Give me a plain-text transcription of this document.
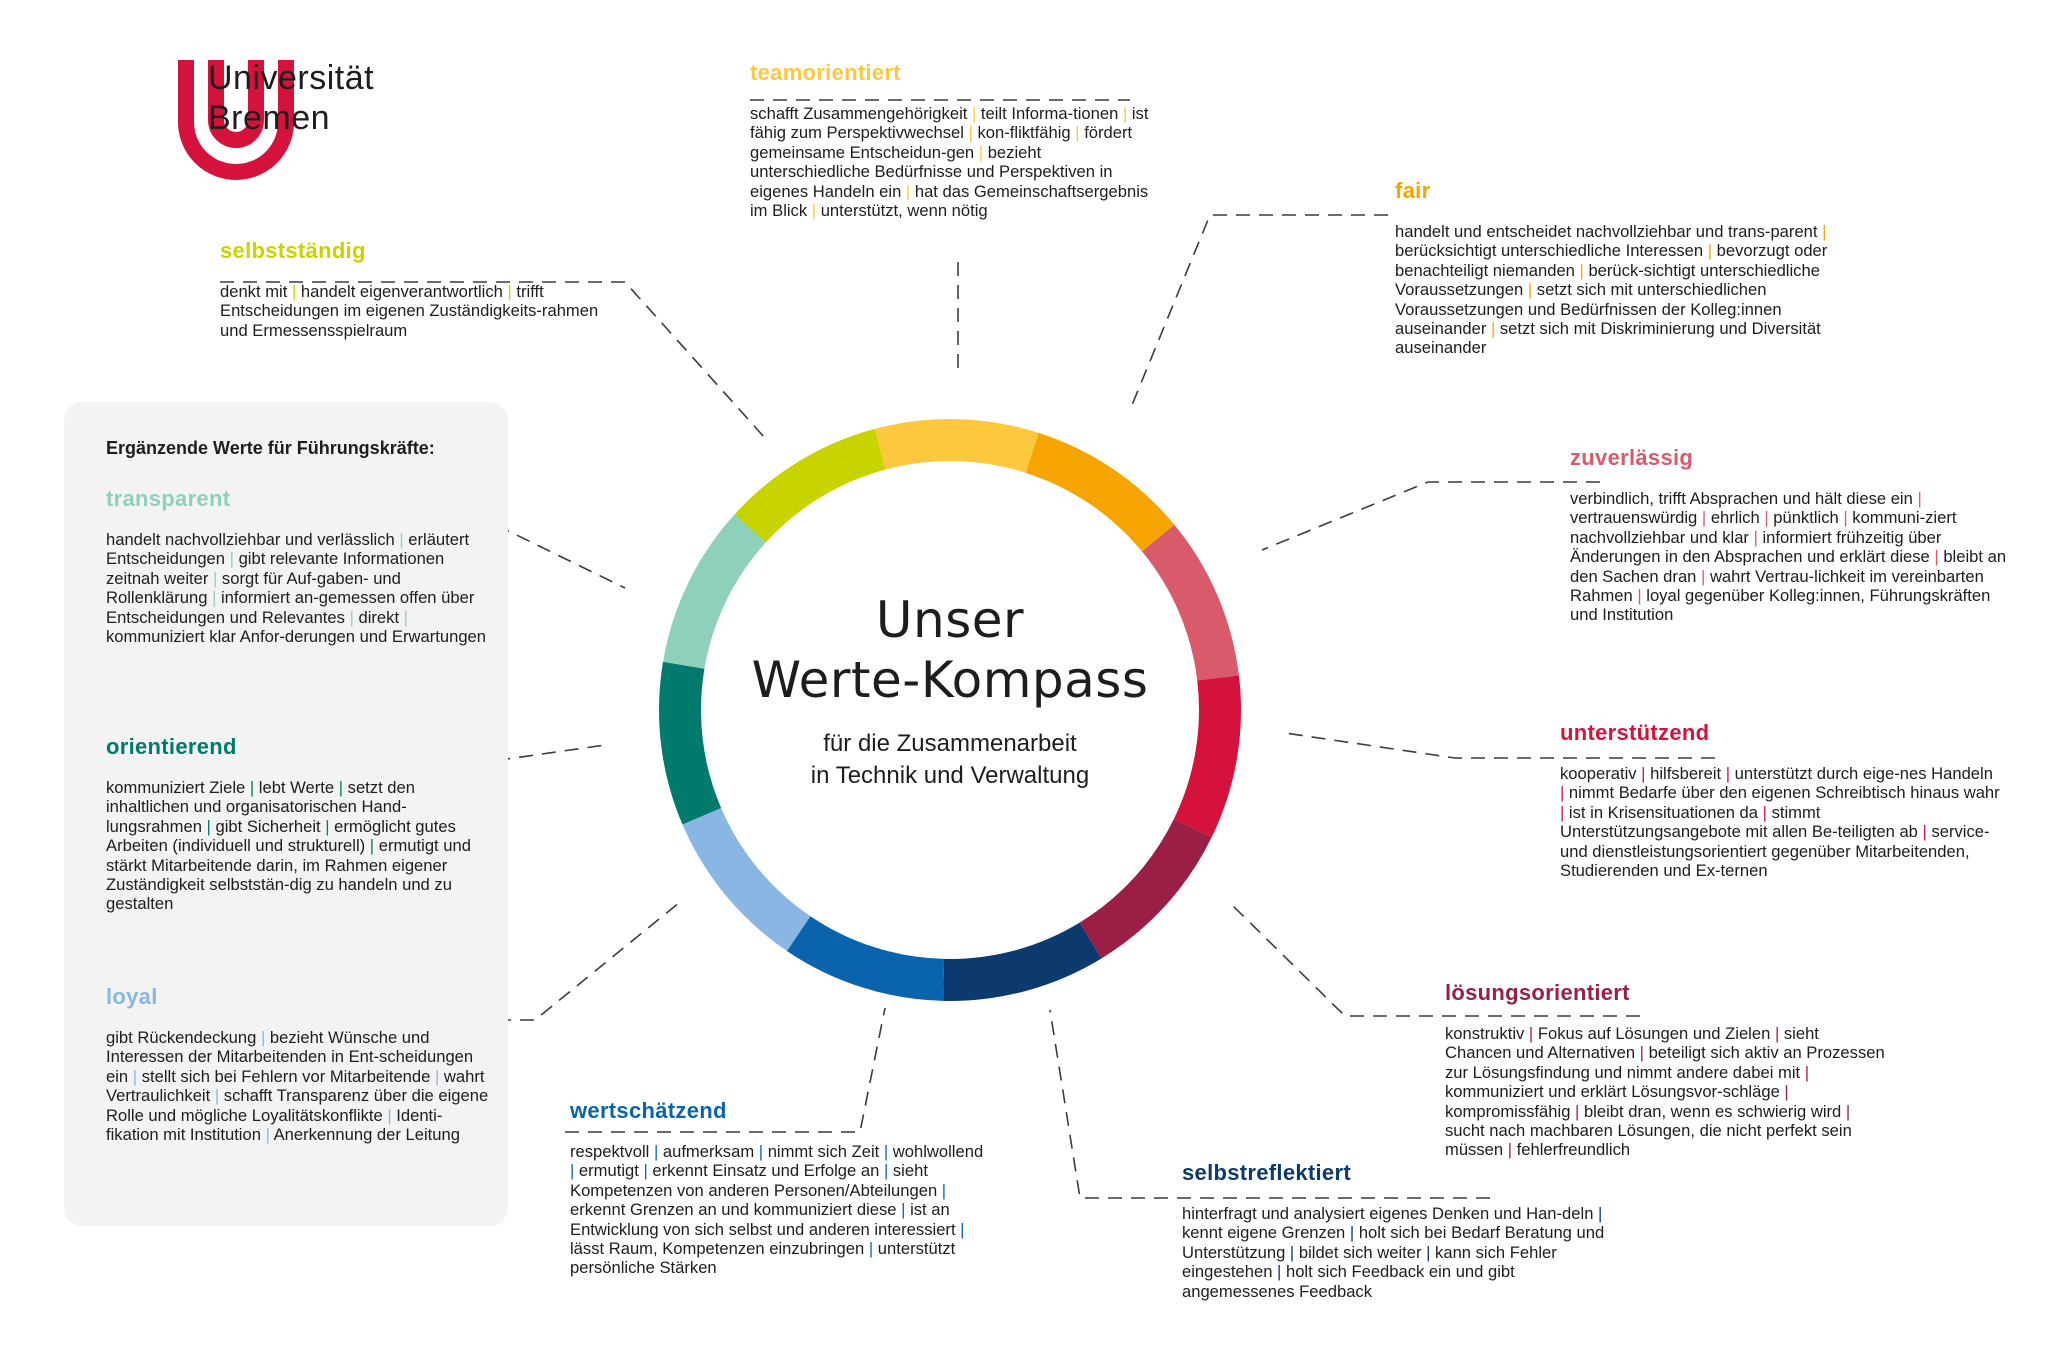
Universität
Bremen
Ergänzende Werte für Führungskräfte:
teamorientiert

schafft Zusammengehörigkeit | teilt Informa-tionen | ist fähig zum Perspektivwechsel | kon-fliktfähig | fördert gemeinsame Entscheidun-gen | bezieht unterschiedliche Bedürfnisse und Perspektiven in eigenes Handeln ein | hat das Gemeinschaftsergebnis im Blick | unterstützt, wenn nötig

fair

handelt und entscheidet nachvollziehbar und trans-parent | berücksichtigt unterschiedliche Interessen | bevorzugt oder benachteiligt niemanden | berück-sichtigt unterschiedliche Voraussetzungen | setzt sich mit unterschiedlichen Voraussetzungen und Bedürfnissen der Kolleg:innen auseinander | setzt sich mit Diskriminierung und Diversität auseinander

zuverlässig

verbindlich, trifft Absprachen und hält diese ein | vertrauenswürdig | ehrlich | pünktlich | kommuni-ziert nachvollziehbar und klar | informiert frühzeitig über Änderungen in den Absprachen und erklärt diese | bleibt an den Sachen dran | wahrt Vertrau-lichkeit im vereinbarten Rahmen | loyal gegenüber Kolleg:innen, Führungskräften und Institution

unterstützend

kooperativ | hilfsbereit | unterstützt durch eige-nes Handeln | nimmt Bedarfe über den eigenen Schreibtisch hinaus wahr | ist in Krisensituationen da | stimmt Unterstützungsangebote mit allen Be-teiligten ab | service- und dienstleistungsorientiert gegenüber Mitarbeitenden, Studierenden und Ex-ternen

lösungsorientiert

konstruktiv | Fokus auf Lösungen und Zielen | sieht Chancen und Alternativen | beteiligt sich aktiv an Prozessen zur Lösungsfindung und nimmt andere dabei mit | kommuniziert und erklärt Lösungsvor-schläge | kompromissfähig | bleibt dran, wenn es schwierig wird | sucht nach machbaren Lösungen, die nicht perfekt sein müssen | fehlerfreundlich

selbstreflektiert

hinterfragt und analysiert eigenes Denken und Han-deln | kennt eigene Grenzen | holt sich bei Bedarf Beratung und Unterstützung | bildet sich weiter | kann sich Fehler eingestehen | holt sich Feedback ein und gibt angemessenes Feedback

wertschätzend

respektvoll | aufmerksam | nimmt sich Zeit | wohlwollend | ermutigt | erkennt Einsatz und Erfolge an | sieht Kompetenzen von anderen Personen/Abteilungen | erkennt Grenzen an und kommuniziert diese | ist an Entwicklung von sich selbst und anderen interessiert | lässt Raum, Kompetenzen einzubringen | unterstützt persönliche Stärken

selbstständig

denkt mit | handelt eigenverantwortlich | trifft Entscheidungen im eigenen Zuständigkeits-rahmen und Ermessensspielraum

transparent

handelt nachvollziehbar und verlässlich | erläutert Entscheidungen | gibt relevante Informationen zeitnah weiter | sorgt für Auf-gaben- und Rollenklärung | informiert an-gemessen offen über Entscheidungen und Relevantes | direkt | kommuniziert klar Anfor-derungen und Erwartungen

orientierend

kommuniziert Ziele | lebt Werte | setzt den inhaltlichen und organisatorischen Hand-lungsrahmen | gibt Sicherheit | ermöglicht gutes Arbeiten (individuell und strukturell) | ermutigt und stärkt Mitarbeitende darin, im Rahmen eigener Zuständigkeit selbststän-dig zu handeln und zu gestalten

loyal

gibt Rückendeckung | bezieht Wünsche und Interessen der Mitarbeitenden in Ent-scheidungen ein | stellt sich bei Fehlern vor Mitarbeitende | wahrt Vertraulichkeit | schafft Transparenz über die eigene Rolle und mögliche Loyalitätskonflikte | Identi-fikation mit Institution | Anerkennung der Leitung

Unser
Werte-Kompass
für die Zusammenarbeit
in Technik und Verwaltung
